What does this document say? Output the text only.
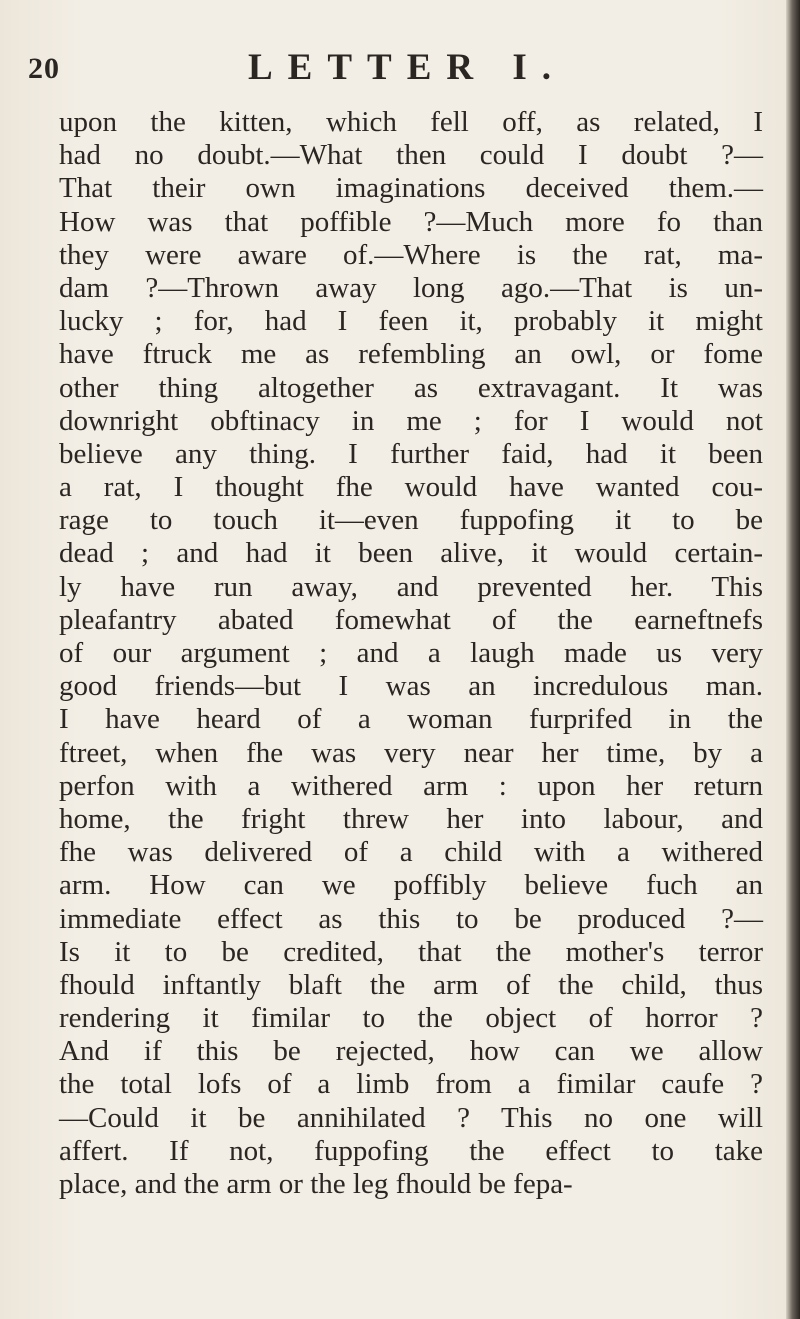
20	LETTER I.
upon the kitten, which fell off, as related, I
had no doubt.—What then could I doubt ?—
That their own imaginations deceived them.—
How was that poffible ?—Much more fo than
they were aware of.—Where is the rat, ma-
dam ?—Thrown away long ago.—That is un-
lucky ; for, had I feen it, probably it might
have ftruck me as refembling an owl, or fome
other thing altogether as extravagant. It was
downright obftinacy in me ; for I would not
believe any thing. I further faid, had it been
a rat, I thought fhe would have wanted cou-
rage to touch it—even fuppofing it to be
dead ; and had it been alive, it would certain-
ly have run away, and prevented her. This
pleafantry abated fomewhat of the earneftnefs
of our argument ; and a laugh made us very
good friends—but I was an incredulous man.
I have heard of a woman furprifed in the
ftreet, when fhe was very near her time, by a
perfon with a withered arm : upon her return
home, the fright threw her into labour, and
fhe was delivered of a child with a withered
arm. How can we poffibly believe fuch an
immediate effect as this to be produced ?—
Is it to be credited, that the mother's terror
fhould inftantly blaft the arm of the child, thus
rendering it fimilar to the object of horror ?
And if this be rejected, how can we allow
the total lofs of a limb from a fimilar caufe ?
—Could it be annihilated ? This no one will
affert. If not, fuppofing the effect to take
place, and the arm or the leg fhould be fepa-
